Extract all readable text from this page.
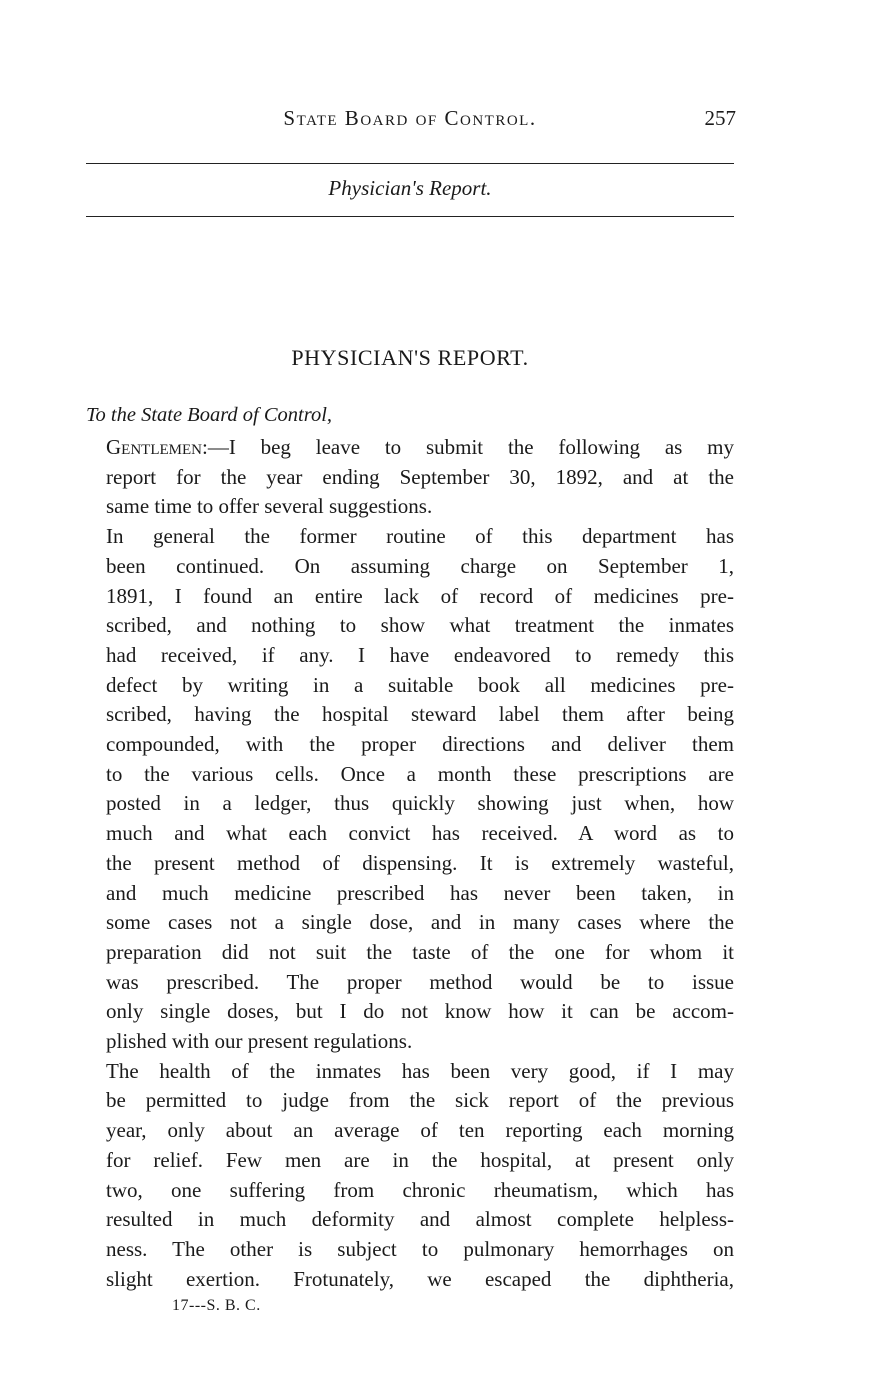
State Board of Control.	257
Physician's Report.
PHYSICIAN'S REPORT.
To the State Board of Control,

Gentlemen:—I beg leave to submit the following as my
report for the year ending September 30, 1892, and at the
same time to offer several suggestions.

In general the former routine of this department has
been continued. On assuming charge on September 1,
1891, I found an entire lack of record of medicines pre-
scribed, and nothing to show what treatment the inmates
had received, if any. I have endeavored to remedy this
defect by writing in a suitable book all medicines pre-
scribed, having the hospital steward label them after being
compounded, with the proper directions and deliver them
to the various cells. Once a month these prescriptions are
posted in a ledger, thus quickly showing just when, how
much and what each convict has received. A word as to
the present method of dispensing. It is extremely wasteful,
and much medicine prescribed has never been taken, in
some cases not a single dose, and in many cases where the
preparation did not suit the taste of the one for whom it
was prescribed. The proper method would be to issue
only single doses, but I do not know how it can be accom-
plished with our present regulations.

The health of the inmates has been very good, if I may
be permitted to judge from the sick report of the previous
year, only about an average of ten reporting each morning
for relief. Few men are in the hospital, at present only
two, one suffering from chronic rheumatism, which has
resulted in much deformity and almost complete helpless-
ness. The other is subject to pulmonary hemorrhages on
slight exertion. Frotunately, we escaped the diphtheria,

17---S. B. C.
